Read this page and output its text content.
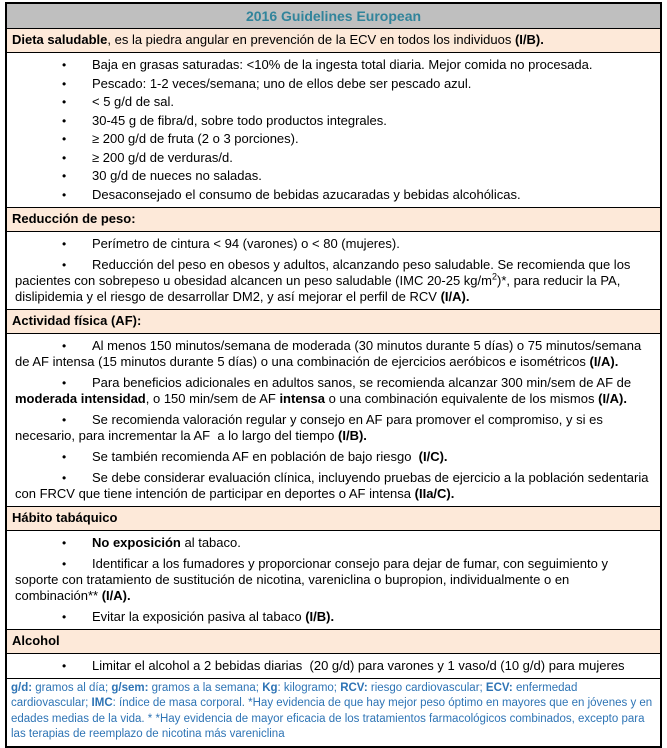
2016 Guidelines European
Dieta saludable, es la piedra angular en prevención de la ECV en todos los individuos (I/B).
• Baja en grasas saturadas: <10% de la ingesta total diaria. Mejor comida no procesada.
• Pescado: 1-2 veces/semana; uno de ellos debe ser pescado azul.
• < 5 g/d de sal.
• 30-45 g de fibra/d, sobre todo productos integrales.
• ≥ 200 g/d de fruta (2 o 3 porciones).
• ≥ 200 g/d de verduras/d.
• 30 g/d de nueces no saladas.
• Desaconsejado el consumo de bebidas azucaradas y bebidas alcohólicas.
Reducción de peso:
• Perímetro de cintura < 94 (varones) o < 80 (mujeres).
• Reducción del peso en obesos y adultos, alcanzando peso saludable. Se recomienda que los pacientes con sobrepeso u obesidad alcancen un peso saludable (IMC 20-25 $kg/m^2)*$, para reducir la PA, dislipidemia y el riesgo de desarrollar DM2, y así mejorar el perfil de RCV (I/A).
Actividad física (AF):
• Al menos 150 minutos/semana de moderada (30 minutos durante 5 días) o 75 minutos/semana de AF intensa (15 minutos durante 5 días) o una combinación de ejercicios aeróbicos e isométricos (I/A).
• Para beneficios adicionales en adultos sanos, se recomienda alcanzar 300 min/sem de AF de moderada intensidad, o 150 min/sem de AF intensa o una combinación equivalente de los mismos (I/A).
• Se recomienda valoración regular y consejo en AF para promover el compromiso, y si es necesario, para incrementar la AF  a lo largo del tiempo (I/B).
• Se también recomienda AF en población de bajo riesgo  (I/C).
• Se debe considerar evaluación clínica, incluyendo pruebas de ejercicio a la población sedentaria con FRCV que tiene intención de participar en deportes o AF intensa (IIa/C).
Hábito tabáquico
• No exposición al tabaco.
• Identificar a los fumadores y proporcionar consejo para dejar de fumar, con seguimiento y soporte con tratamiento de sustitución de nicotina, vareniclina o bupropion, individualmente o en combinación** (I/A).
• Evitar la exposición pasiva al tabaco (I/B).
Alcohol
• Limitar el alcohol a 2 bebidas diarias  (20 g/d) para varones y 1 vaso/d (10 g/d) para mujeres
g/d: gramos al día; g/sem: gramos a la semana; Kg: kilogramo; RCV: riesgo cardiovascular; ECV: enfermedad cardiovascular; IMC: índice de masa corporal. *Hay evidencia de que hay mejor peso óptimo en mayores que en jóvenes y en edades medias de la vida. * *Hay evidencia de mayor eficacia de los tratamientos farmacológicos combinados, excepto para las terapias de reemplazo de nicotina más vareniclina
